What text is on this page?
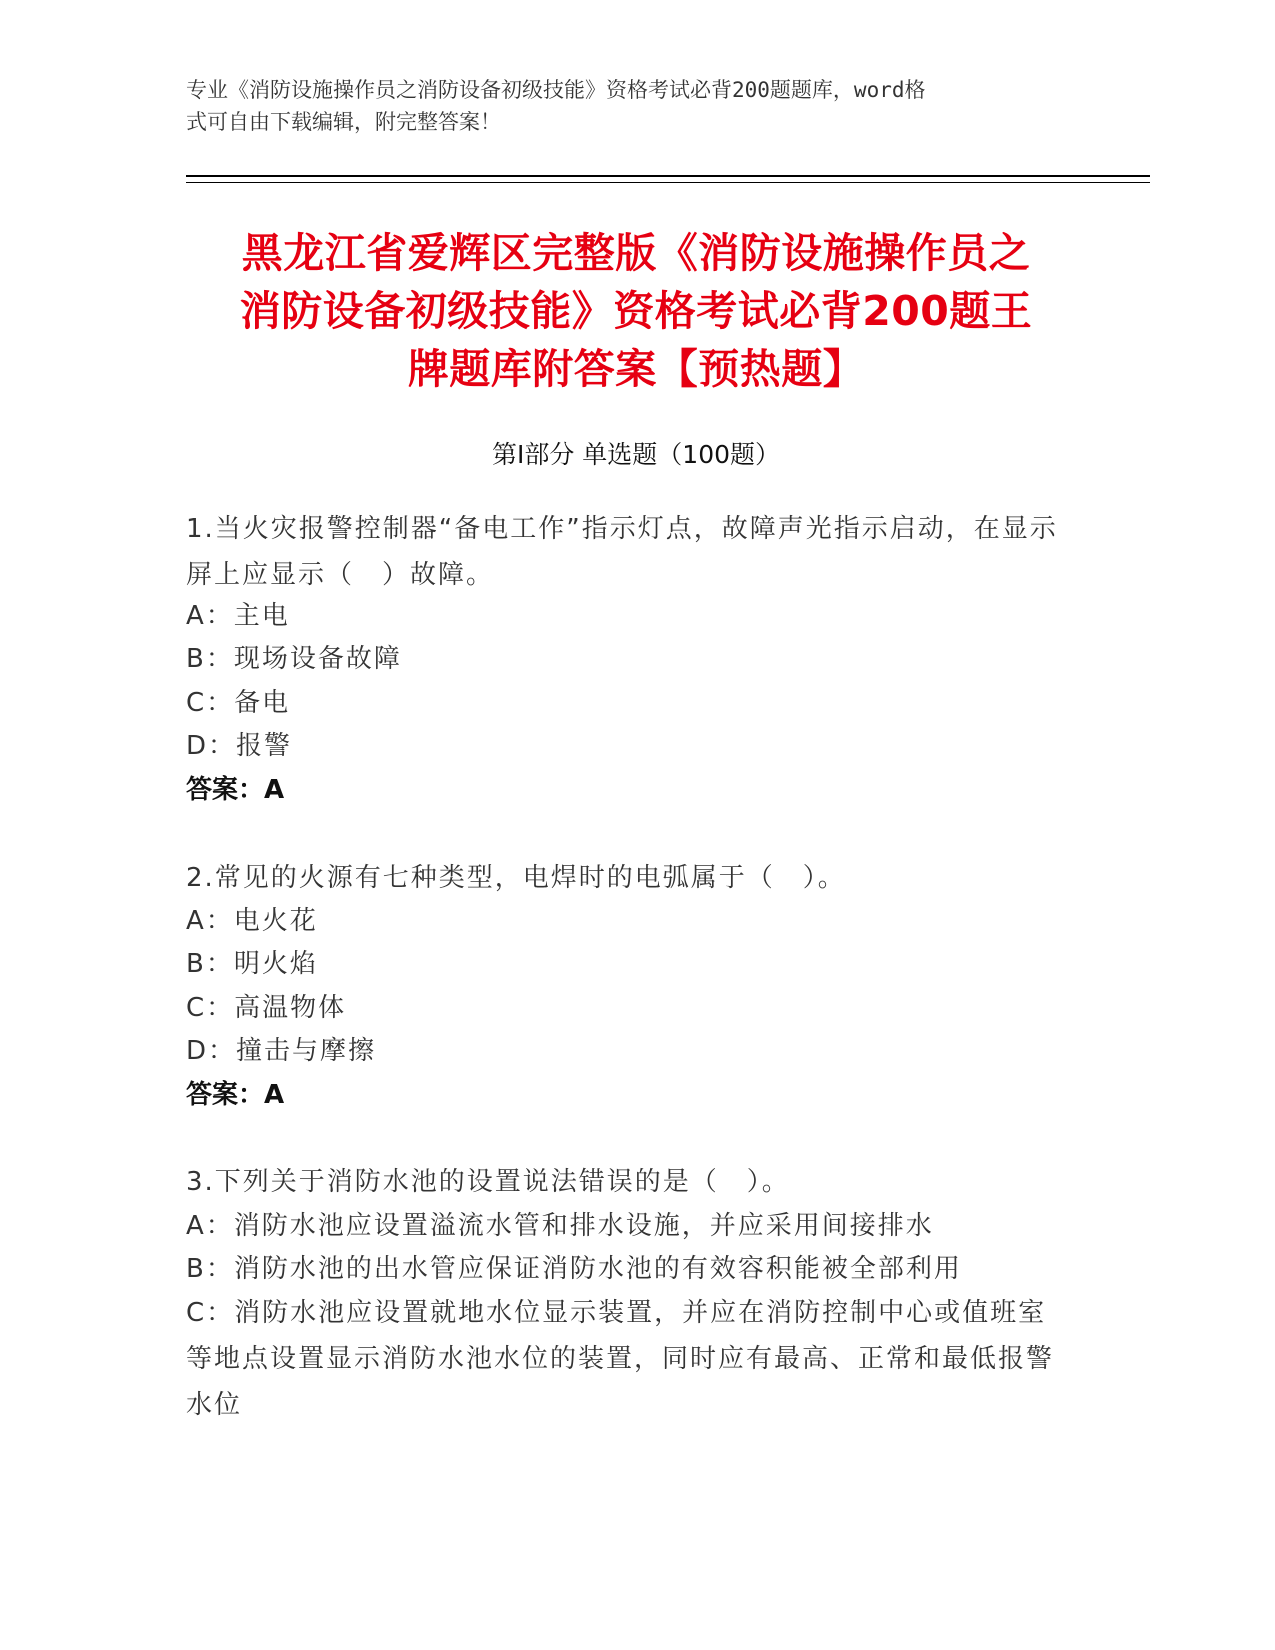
专业《消防设施操作员之消防设备初级技能》资格考试必背200题题库，word格
式可自由下载编辑，附完整答案！
黑龙江省爱辉区完整版《消防设施操作员之
消防设备初级技能》资格考试必背200题王
牌题库附答案【预热题】
第Ⅰ部分 单选题（100题）
1.当火灾报警控制器“备电工作”指示灯点，故障声光指示启动，在显示屏上应显示（　）故障。
A：主电
B：现场设备故障
C：备电
D：报警
答案：A
2.常见的火源有七种类型，电焊时的电弧属于（　）。
A：电火花
B：明火焰
C：高温物体
D：撞击与摩擦
答案：A
3.下列关于消防水池的设置说法错误的是（　）。
A：消防水池应设置溢流水管和排水设施，并应采用间接排水
B：消防水池的出水管应保证消防水池的有效容积能被全部利用
C：消防水池应设置就地水位显示装置，并应在消防控制中心或值班室等地点设置显示消防水池水位的装置，同时应有最高、正常和最低报警水位
